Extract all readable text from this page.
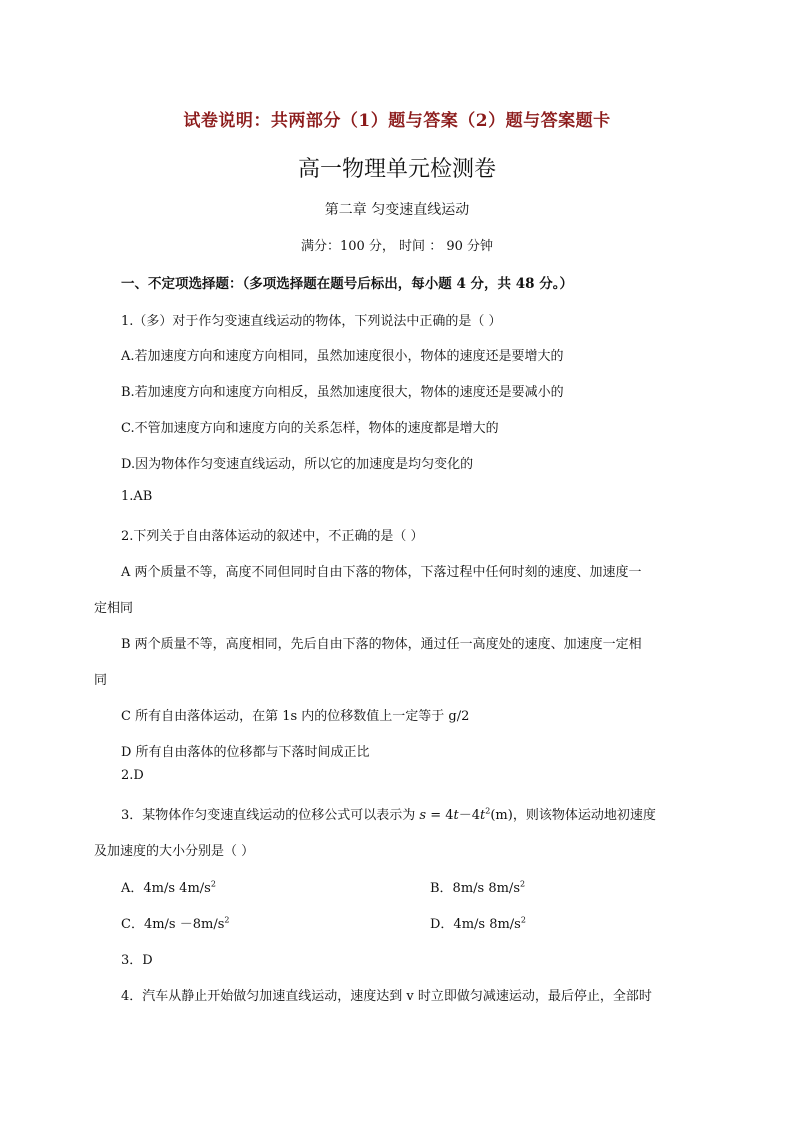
试卷说明：共两部分（1）题与答案（2）题与答案题卡
高一物理单元检测卷
第二章 匀变速直线运动
满分：100 分， 时间 ： 90 分钟
一、不定项选择题：（多项选择题在题号后标出，每小题 4 分，共 48 分。）
1.（多）对于作匀变速直线运动的物体，下列说法中正确的是（ ）
A.若加速度方向和速度方向相同，虽然加速度很小，物体的速度还是要增大的
B.若加速度方向和速度方向相反，虽然加速度很大，物体的速度还是要减小的
C.不管加速度方向和速度方向的关系怎样，物体的速度都是增大的
D.因为物体作匀变速直线运动，所以它的加速度是均匀变化的
1.AB
2.下列关于自由落体运动的叙述中，不正确的是（ ）
A 两个质量不等，高度不同但同时自由下落的物体，下落过程中任何时刻的速度、加速度一
定相同
B 两个质量不等，高度相同，先后自由下落的物体，通过任一高度处的速度、加速度一定相
同
C 所有自由落体运动，在第 1s 内的位移数值上一定等于 g/2
D 所有自由落体的位移都与下落时间成正比
2.D
3．某物体作匀变速直线运动的位移公式可以表示为 $s = 4t-4t^2(m)$，则该物体运动地初速度
及加速度的大小分别是（ ）
A．4m/s $4m/s^2$	B．8m/s $8m/s^2$
C．$4m/s -8m/s^2$	D．4m/s $8m/s^2$
3．D
4．汽车从静止开始做匀加速直线运动，速度达到 v 时立即做匀减速运动，最后停止，全部时
